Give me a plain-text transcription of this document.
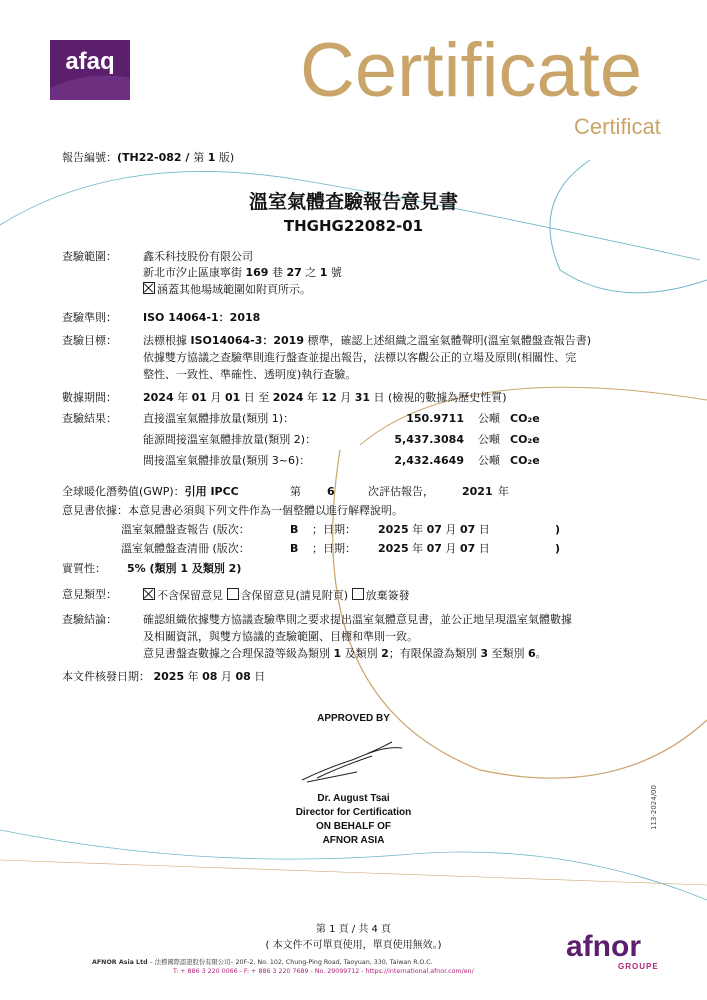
afaq Certificate
Certificat
報告編號：(TH22-082 / 第 1 版)
溫室氣體查驗報告意見書
THGHG22082-01
查驗範圍： 鑫禾科技股份有限公司
新北市汐止區康寧街 169 巷 27 之 1 號
涵蓋其他場域範圍如附頁所示。
查驗準則： ISO 14064-1：2018
查驗目標： 法標根據 ISO14064-3：2019 標準，確認上述組織之溫室氣體聲明(溫室氣體盤查報告書)
依據雙方協議之查驗準則進行盤查並提出報告，法標以客觀公正的立場及原則(相關性、完
整性、一致性、準確性、透明度)執行查驗。
數據期間： 2024 年 01 月 01 日 至 2024 年 12 月 31 日 (檢視的數據為歷史性質)
查驗結果： 直接溫室氣體排放量(類別 1)：	150.9711 公噸 CO₂e
能源間接溫室氣體排放量(類別 2)：	5,437.3084 公噸 CO₂e
間接溫室氣體排放量(類別 3~6)：	2,432.4649 公噸 CO₂e
全球暖化潛勢值(GWP)：引用 IPCC	第 6	次評估報告，	2021 年
意見書依據：本意見書必須與下列文件作為一個整體以進行解釋說明。
溫室氣體盤查報告 (版次：	B ；日期： 2025 年 07 月 07 日	)
溫室氣體盤查清冊 (版次：	B ；日期： 2025 年 07 月 07 日	)
實質性： 5% (類別 1 及類別 2)
意見類型：	不含保留意見 含保留意見(請見附頁) 放棄簽發
查驗結論： 確認組織依據雙方協議查驗準則之要求提出溫室氣體意見書，並公正地呈現溫室氣體數據
及相關資訊，與雙方協議的查驗範圍、目標和準則一致。
意見書盤查數據之合理保證等級為類別 1 及類別 2；有限保證為類別 3 至類別 6。
本文件核發日期： 2025 年 08 月 08 日
APPROVED BY
Dr. August Tsai
Director for Certification
ON BEHALF OF
AFNOR ASIA
113-2024/00
第 1 頁 / 共 4 頁
( 本文件不可單頁使用，單頁使用無效。)
AFNOR Asia Ltd – 法標國際認證股份有限公司– 20F-2, No. 102, Chung-Ping Road, Taoyuan, 330, Taiwan R.O.C.
T: + 886 3 220 0066 - F: + 886 3 220 7689 - No. 29099712 - https://international.afnor.com/en/
afnor
GROUPE
